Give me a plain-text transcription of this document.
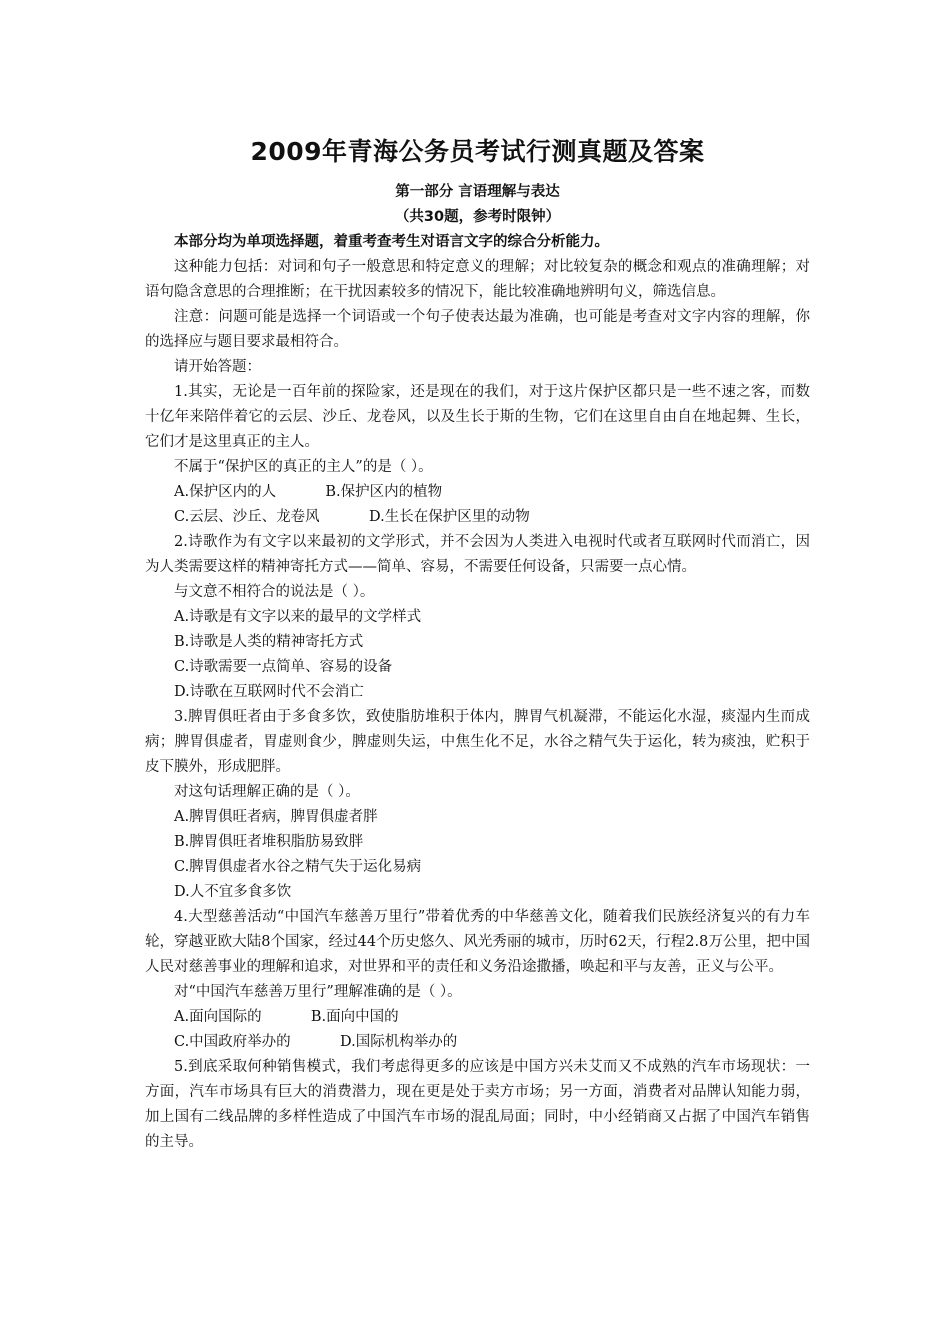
2009年青海公务员考试行测真题及答案
第一部分 言语理解与表达
（共30题，参考时限钟）

本部分均为单项选择题，着重考查考生对语言文字的综合分析能力。

这种能力包括：对词和句子一般意思和特定意义的理解；对比较复杂的概念和观点的准确理解；对语句隐含意思的合理推断；在干扰因素较多的情况下，能比较准确地辨明句义，筛选信息。

注意：问题可能是选择一个词语或一个句子使表达最为准确，也可能是考查对文字内容的理解，你的选择应与题目要求最相符合。

请开始答题：

1.其实，无论是一百年前的探险家，还是现在的我们，对于这片保护区都只是一些不速之客，而数十亿年来陪伴着它的云层、沙丘、龙卷风，以及生长于斯的生物，它们在这里自由自在地起舞、生长，它们才是这里真正的主人。

不属于“保护区的真正的主人”的是（ ）。

A.保护区内的人	B.保护区内的植物

C.云层、沙丘、龙卷风	D.生长在保护区里的动物

2.诗歌作为有文字以来最初的文学形式，并不会因为人类进入电视时代或者互联网时代而消亡，因为人类需要这样的精神寄托方式——简单、容易，不需要任何设备，只需要一点心情。

与文意不相符合的说法是（ ）。

A.诗歌是有文字以来的最早的文学样式

B.诗歌是人类的精神寄托方式

C.诗歌需要一点简单、容易的设备

D.诗歌在互联网时代不会消亡

3.脾胃俱旺者由于多食多饮，致使脂肪堆积于体内，脾胃气机凝滞，不能运化水湿，痰湿内生而成病；脾胃俱虚者，胃虚则食少，脾虚则失运，中焦生化不足，水谷之精气失于运化，转为痰浊，贮积于皮下膜外，形成肥胖。

对这句话理解正确的是（ ）。

A.脾胃俱旺者病，脾胃俱虚者胖

B.脾胃俱旺者堆积脂肪易致胖

C.脾胃俱虚者水谷之精气失于运化易病

D.人不宜多食多饮

4.大型慈善活动“中国汽车慈善万里行”带着优秀的中华慈善文化，随着我们民族经济复兴的有力车轮，穿越亚欧大陆8个国家，经过44个历史悠久、风光秀丽的城市，历时62天，行程2.8万公里，把中国人民对慈善事业的理解和追求，对世界和平的责任和义务沿途撒播，唤起和平与友善，正义与公平。

对“中国汽车慈善万里行”理解准确的是（ ）。

A.面向国际的	B.面向中国的

C.中国政府举办的	D.国际机构举办的

5.到底采取何种销售模式，我们考虑得更多的应该是中国方兴未艾而又不成熟的汽车市场现状：一方面，汽车市场具有巨大的消费潜力，现在更是处于卖方市场；另一方面，消费者对品牌认知能力弱，加上国有二线品牌的多样性造成了中国汽车市场的混乱局面；同时，中小经销商又占据了中国汽车销售的主导。
